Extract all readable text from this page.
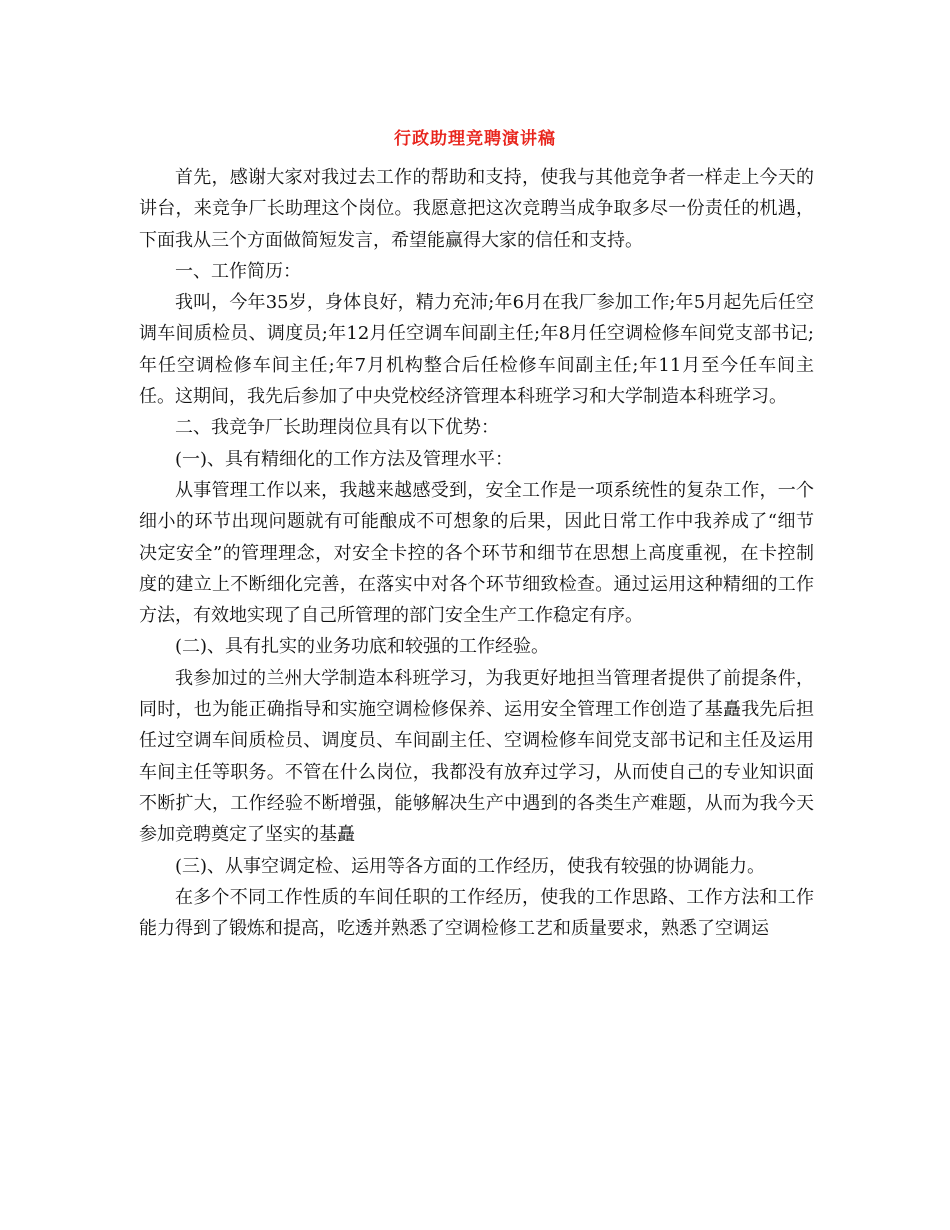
行政助理竞聘演讲稿

首先，感谢大家对我过去工作的帮助和支持，使我与其他竞争者一样走上今天的讲台，来竞争厂长助理这个岗位。我愿意把这次竞聘当成争取多尽一份责任的机遇，下面我从三个方面做简短发言，希望能赢得大家的信任和支持。

一、工作简历：

我叫，今年35岁，身体良好，精力充沛;年6月在我厂参加工作;年5月起先后任空调车间质检员、调度员;年12月任空调车间副主任;年8月任空调检修车间党支部书记;年任空调检修车间主任;年7月机构整合后任检修车间副主任;年11月至今任车间主任。这期间，我先后参加了中央党校经济管理本科班学习和大学制造本科班学习。

二、我竞争厂长助理岗位具有以下优势：

(一)、具有精细化的工作方法及管理水平：

从事管理工作以来，我越来越感受到，安全工作是一项系统性的复杂工作，一个细小的环节出现问题就有可能酿成不可想象的后果，因此日常工作中我养成了“细节决定安全”的管理理念，对安全卡控的各个环节和细节在思想上高度重视，在卡控制度的建立上不断细化完善，在落实中对各个环节细致检查。通过运用这种精细的工作方法，有效地实现了自己所管理的部门安全生产工作稳定有序。

(二)、具有扎实的业务功底和较强的工作经验。

我参加过的兰州大学制造本科班学习，为我更好地担当管理者提供了前提条件，同时，也为能正确指导和实施空调检修保养、运用安全管理工作创造了基矗我先后担任过空调车间质检员、调度员、车间副主任、空调检修车间党支部书记和主任及运用车间主任等职务。不管在什么岗位，我都没有放弃过学习，从而使自己的专业知识面不断扩大，工作经验不断增强，能够解决生产中遇到的各类生产难题，从而为我今天参加竞聘奠定了坚实的基矗

(三)、从事空调定检、运用等各方面的工作经历，使我有较强的协调能力。

在多个不同工作性质的车间任职的工作经历，使我的工作思路、工作方法和工作能力得到了锻炼和提高，吃透并熟悉了空调检修工艺和质量要求，熟悉了空调运
